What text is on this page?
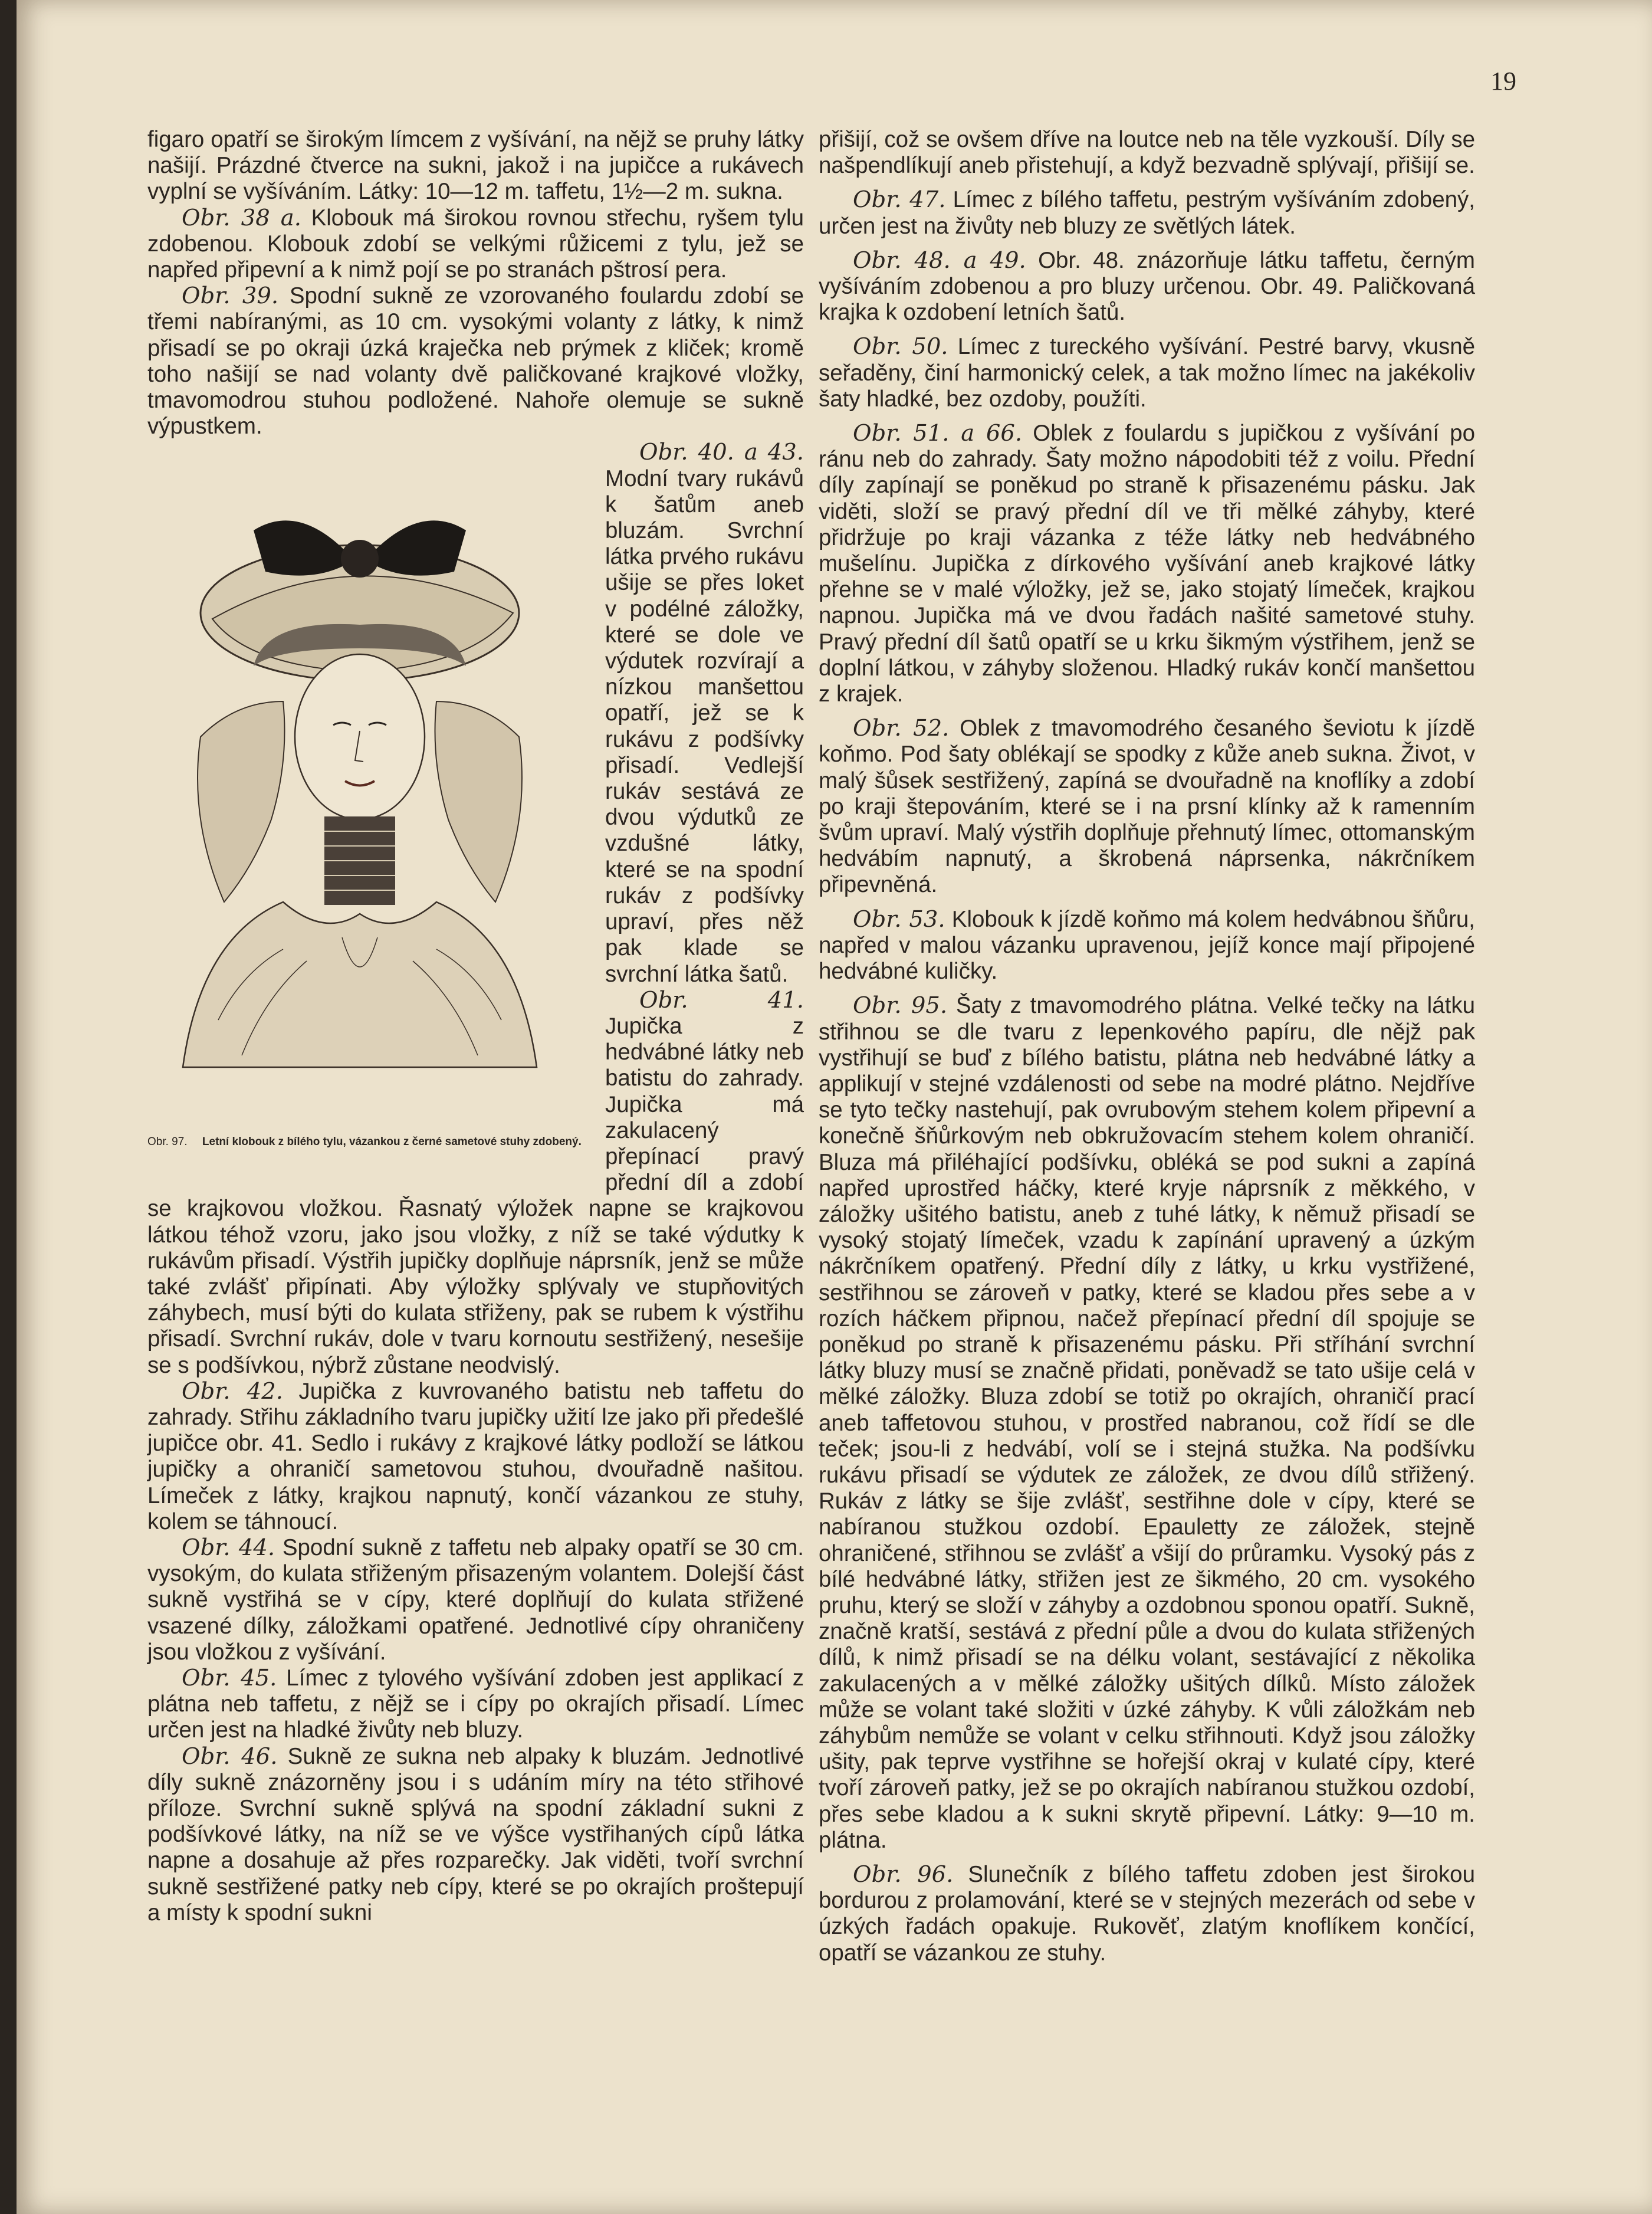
19

figaro opatří se širokým límcem z vyšívání, na nějž se pruhy látky našijí. Prázdné čtverce na sukni, jakož i na jupičce a rukávech vyplní se vyšíváním. Látky: 10—12 m. taffetu, 1½—2 m. sukna.

Obr. 38 a. Klobouk má širokou rovnou střechu, ryšem tylu zdobenou. Klobouk zdobí se velkými růžicemi z tylu, jež se napřed připevní a k nimž pojí se po stranách pštrosí pera.

Obr. 39. Spodní sukně ze vzorovaného foulardu zdobí se třemi nabíranými, as 10 cm. vysokými volanty z látky, k nimž přisadí se po okraji úzká kraječka neb prýmek z kliček; kromě toho našijí se nad volanty dvě paličkované krajkové vložky, tmavomodrou stuhou podložené. Nahoře olemuje se sukně výpustkem.

Obr. 97. Letní klobouk z bílého tylu, vázankou z černé sametové stuhy zdobený.

Obr. 40. a 43. Modní tvary rukávů k šatům aneb bluzám. Svrchní látka prvého rukávu ušije se přes loket v podélné záložky, které se dole ve výdutek rozvírají a nízkou manšettou opatří, jež se k rukávu z podšívky přisadí. Vedlejší rukáv sestává ze dvou výdutků ze vzdušné látky, které se na spodní rukáv z podšívky upraví, přes něž pak klade se svrchní látka šatů.

Obr. 41. Jupička z hedvábné látky neb batistu do zahrady. Jupička má zakulacený přepínací pravý přední díl a zdobí se krajkovou vložkou. Řasnatý výložek napne se krajkovou látkou téhož vzoru, jako jsou vložky, z níž se také výdutky k rukávům přisadí. Výstřih jupičky doplňuje náprsník, jenž se může také zvlášť připínati. Aby výložky splývaly ve stupňovitých záhybech, musí býti do kulata střiženy, pak se rubem k výstřihu přisadí. Svrchní rukáv, dole v tvaru kornoutu sestřižený, nesešije se s podšívkou, nýbrž zůstane neodvislý.

Obr. 42. Jupička z kuvrovaného batistu neb taffetu do zahrady. Střihu základního tvaru jupičky užití lze jako při předešlé jupičce obr. 41. Sedlo i rukávy z krajkové látky podloží se látkou jupičky a ohraničí sametovou stuhou, dvouřadně našitou. Límeček z látky, krajkou napnutý, končí vázankou ze stuhy, kolem se táhnoucí.

Obr. 44. Spodní sukně z taffetu neb alpaky opatří se 30 cm. vysokým, do kulata střiženým přisazeným volantem. Dolejší část sukně vystřihá se v cípy, které doplňují do kulata střižené vsazené dílky, záložkami opatřené. Jednotlivé cípy ohraničeny jsou vložkou z vyšívání.

Obr. 45. Límec z tylového vyšívání zdoben jest applikací z plátna neb taffetu, z nějž se i cípy po okrajích přisadí. Límec určen jest na hladké živůty neb bluzy.

Obr. 46. Sukně ze sukna neb alpaky k bluzám. Jednotlivé díly sukně znázorněny jsou i s udáním míry na této střihové příloze. Svrchní sukně splývá na spodní základní sukni z podšívkové látky, na níž se ve výšce vystřihaných cípů látka napne a dosahuje až přes rozparečky. Jak viděti, tvoří svrchní sukně sestřižené patky neb cípy, které se po okrajích proštepují a místy k spodní sukni

přišijí, což se ovšem dříve na loutce neb na těle vyzkouší. Díly se našpendlíkují aneb přistehují, a když bezvadně splývají, přišijí se.

Obr. 47. Límec z bílého taffetu, pestrým vyšíváním zdobený, určen jest na živůty neb bluzy ze světlých látek.

Obr. 48. a 49. Obr. 48. znázorňuje látku taffetu, černým vyšíváním zdobenou a pro bluzy určenou. Obr. 49. Paličkovaná krajka k ozdobení letních šatů.

Obr. 50. Límec z tureckého vyšívání. Pestré barvy, vkusně seřaděny, činí harmonický celek, a tak možno límec na jakékoliv šaty hladké, bez ozdoby, použíti.

Obr. 51. a 66. Oblek z foulardu s jupičkou z vyšívání po ránu neb do zahrady. Šaty možno nápodobiti též z voilu. Přední díly zapínají se poněkud po straně k přisazenému pásku. Jak viděti, složí se pravý přední díl ve tři mělké záhyby, které přidržuje po kraji vázanka z téže látky neb hedvábného mušelínu. Jupička z dírkového vyšívání aneb krajkové látky přehne se v malé výložky, jež se, jako stojatý límeček, krajkou napnou. Jupička má ve dvou řadách našité sametové stuhy. Pravý přední díl šatů opatří se u krku šikmým výstřihem, jenž se doplní látkou, v záhyby složenou. Hladký rukáv končí manšettou z krajek.

Obr. 52. Oblek z tmavomodrého česaného ševiotu k jízdě koňmo. Pod šaty oblékají se spodky z kůže aneb sukna. Život, v malý šůsek sestřižený, zapíná se dvouřadně na knoflíky a zdobí po kraji štepováním, které se i na prsní klínky až k ramenním švům upraví. Malý výstřih doplňuje přehnutý límec, ottomanským hedvábím napnutý, a škrobená náprsenka, nákrčníkem připevněná.

Obr. 53. Klobouk k jízdě koňmo má kolem hedvábnou šňůru, napřed v malou vázanku upravenou, jejíž konce mají připojené hedvábné kuličky.

Obr. 95. Šaty z tmavomodrého plátna. Velké tečky na látku střihnou se dle tvaru z lepenkového papíru, dle nějž pak vystřihují se buď z bílého batistu, plátna neb hedvábné látky a applikují v stejné vzdálenosti od sebe na modré plátno. Nejdříve se tyto tečky nastehují, pak ovrubovým stehem kolem připevní a konečně šňůrkovým neb obkružovacím stehem kolem ohraničí. Bluza má přiléhající podšívku, obléká se pod sukni a zapíná napřed uprostřed háčky, které kryje náprsník z měkkého, v záložky ušitého batistu, aneb z tuhé látky, k němuž přisadí se vysoký stojatý límeček, vzadu k zapínání upravený a úzkým nákrčníkem opatřený. Přední díly z látky, u krku vystřižené, sestřihnou se zároveň v patky, které se kladou přes sebe a v rozích háčkem připnou, načež přepínací přední díl spojuje se poněkud po straně k přisazenému pásku. Při stříhání svrchní látky bluzy musí se značně přidati, poněvadž se tato ušije celá v mělké záložky. Bluza zdobí se totiž po okrajích, ohraničí prací aneb taffetovou stuhou, v prostřed nabranou, což řídí se dle teček; jsou-li z hedvábí, volí se i stejná stužka. Na podšívku rukávu přisadí se výdutek ze záložek, ze dvou dílů střižený. Rukáv z látky se šije zvlášť, sestřihne dole v cípy, které se nabíranou stužkou ozdobí. Epauletty ze záložek, stejně ohraničené, střihnou se zvlášť a všijí do průramku. Vysoký pás z bílé hedvábné látky, střižen jest ze šikmého, 20 cm. vysokého pruhu, který se složí v záhyby a ozdobnou sponou opatří. Sukně, značně kratší, sestává z přední půle a dvou do kulata střižených dílů, k nimž přisadí se na délku volant, sestávající z několika zakulacených a v mělké záložky ušitých dílků. Místo záložek může se volant také složiti v úzké záhyby. K vůli záložkám neb záhybům nemůže se volant v celku střihnouti. Když jsou záložky ušity, pak teprve vystřihne se hořejší okraj v kulaté cípy, které tvoří zároveň patky, jež se po okrajích nabíranou stužkou ozdobí, přes sebe kladou a k sukni skrytě připevní. Látky: 9—10 m. plátna.

Obr. 96. Slunečník z bílého taffetu zdoben jest širokou bordurou z prolamování, které se v stejných mezerách od sebe v úzkých řadách opakuje. Rukověť, zlatým knoflíkem končící, opatří se vázankou ze stuhy.
